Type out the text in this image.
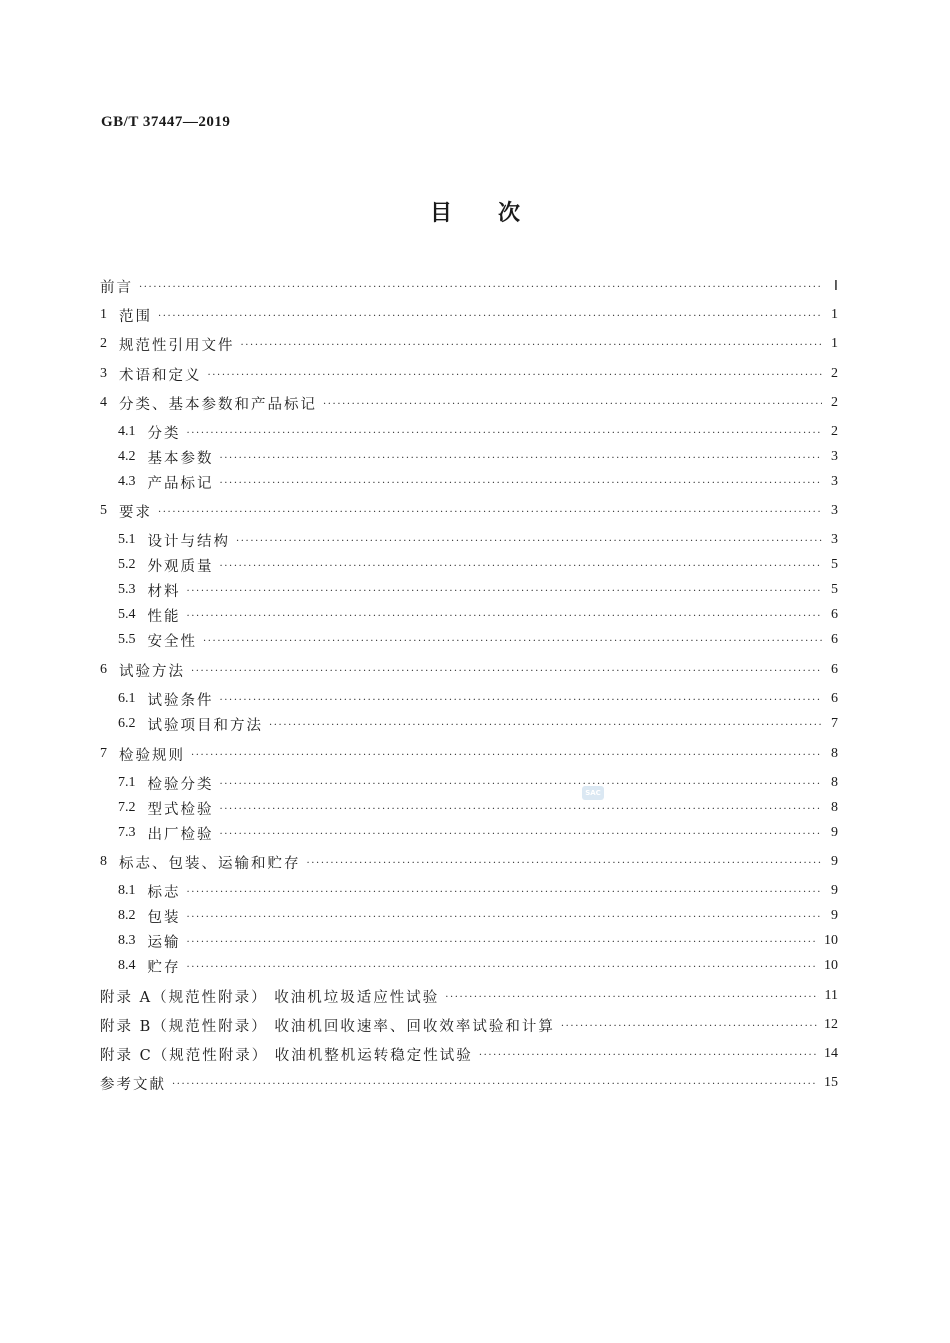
GB/T 37447—2019
目次
前言 ·····	Ⅰ
1 范围 ·····	1
2 规范性引用文件 ·····	1
3 术语和定义 ·····	2
4 分类、基本参数和产品标记 ·····	2
4.1 分类 ·····	2
4.2 基本参数 ·····	3
4.3 产品标记 ·····	3
5 要求 ·····	3
5.1 设计与结构 ·····	3
5.2 外观质量 ·····	5
5.3 材料 ·····	5
5.4 性能 ·····	6
5.5 安全性 ·····	6
6 试验方法 ·····	6
6.1 试验条件 ·····	6
6.2 试验项目和方法 ·····	7
7 检验规则 ·····	8
7.1 检验分类 ·····	8
7.2 型式检验 ·····	8
7.3 出厂检验 ·····	9
8 标志、包装、运输和贮存 ·····	9
8.1 标志 ·····	9
8.2 包装 ·····	9
8.3 运输 ·····	10
8.4 贮存 ·····	10
附录 A（规范性附录） 收油机垃圾适应性试验 ·····	11
附录 B（规范性附录） 收油机回收速率、回收效率试验和计算 ·····	12
附录 C（规范性附录） 收油机整机运转稳定性试验 ·····	14
参考文献 ·····	15
SAC
